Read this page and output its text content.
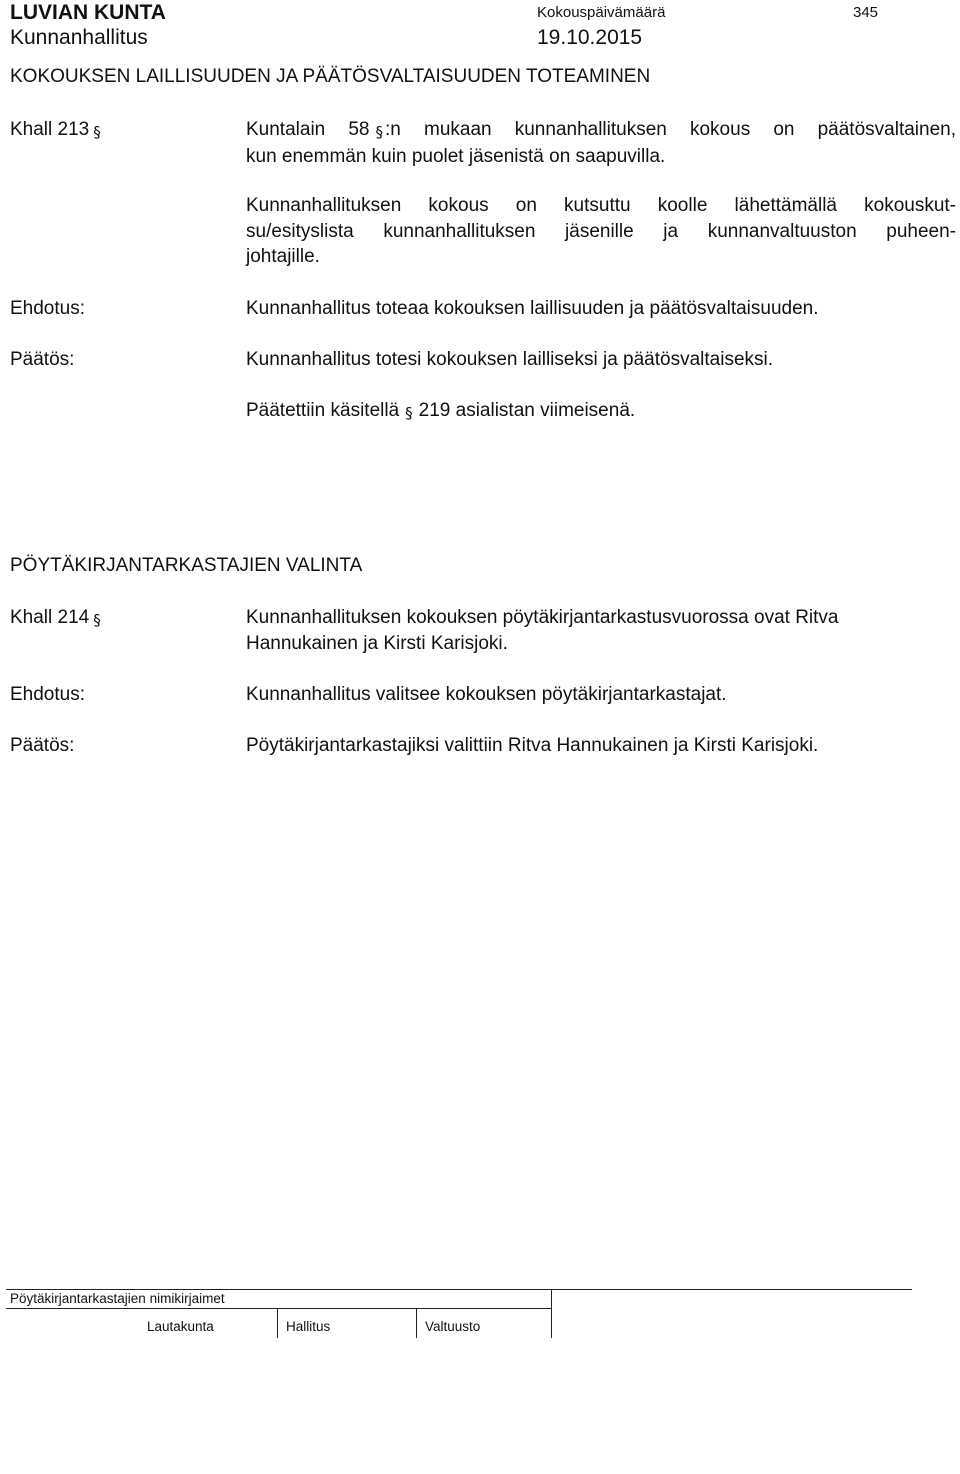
LUVIAN KUNTA
Kunnanhallitus
Kokouspäivämäärä
19.10.2015
345
KOKOUKSEN LAILLISUUDEN JA PÄÄTÖSVALTAISUUDEN TOTEAMINEN
Khall 213 §	Kuntalain 58 § :n mukaan kunnanhallituksen kokous on päätösvaltainen,
kun enemmän kuin puolet jäsenistä on saapuvilla.
Kunnanhallituksen kokous on kutsuttu koolle lähettämällä kokouskut-
su/esityslista kunnanhallituksen jäsenille ja kunnanvaltuuston puheen-
johtajille.
Ehdotus:	Kunnanhallitus toteaa kokouksen laillisuuden ja päätösvaltaisuuden.
Päätös:	Kunnanhallitus totesi kokouksen lailliseksi ja päätösvaltaiseksi.
Päätettiin käsitellä § 219 asialistan viimeisenä.
PÖYTÄKIRJANTARKASTAJIEN VALINTA
Khall 214 §	Kunnanhallituksen kokouksen pöytäkirjantarkastusvuorossa ovat Ritva
Hannukainen ja Kirsti Karisjoki.
Ehdotus:	Kunnanhallitus valitsee kokouksen pöytäkirjantarkastajat.
Päätös:	Pöytäkirjantarkastajiksi valittiin Ritva Hannukainen ja Kirsti Karisjoki.
Pöytäkirjantarkastajien nimikirjaimet
Lautakunta	Hallitus	Valtuusto
